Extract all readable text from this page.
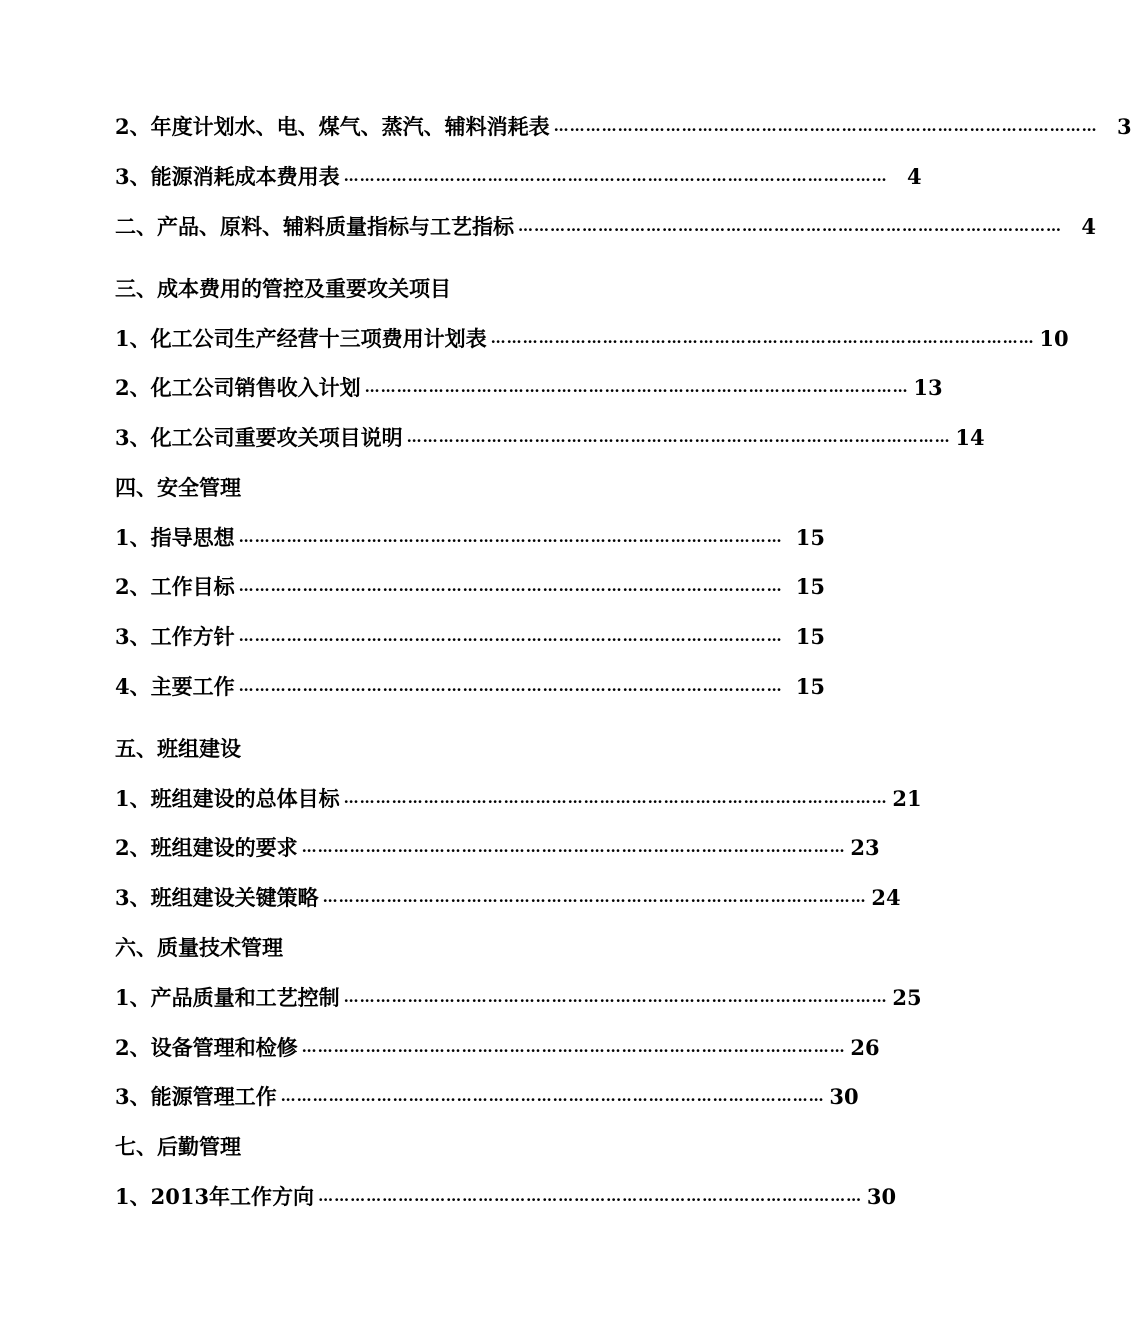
2、年度计划水、电、煤气、蒸汽、辅料消耗表 ………………………………………………………………………………………… 3
3、能源消耗成本费用表 ………………………………………………………………………………………… 4
二、产品、原料、辅料质量指标与工艺指标 ………………………………………………………………………………………… 4
三、成本费用的管控及重要攻关项目
1、化工公司生产经营十三项费用计划表 ………………………………………………………………………………………… 10
2、化工公司销售收入计划 ………………………………………………………………………………………… 13
3、化工公司重要攻关项目说明 ………………………………………………………………………………………… 14
四、安全管理
1、指导思想 ………………………………………………………………………………………… 15
2、工作目标 ………………………………………………………………………………………… 15
3、工作方针 ………………………………………………………………………………………… 15
4、主要工作 ………………………………………………………………………………………… 15
五、班组建设
1、班组建设的总体目标 ………………………………………………………………………………………… 21
2、班组建设的要求 ………………………………………………………………………………………… 23
3、班组建设关键策略 ………………………………………………………………………………………… 24
六、质量技术管理
1、产品质量和工艺控制 ………………………………………………………………………………………… 25
2、设备管理和检修 ………………………………………………………………………………………… 26
3、能源管理工作 ………………………………………………………………………………………… 30
七、后勤管理
1、2013年工作方向 ………………………………………………………………………………………… 30
